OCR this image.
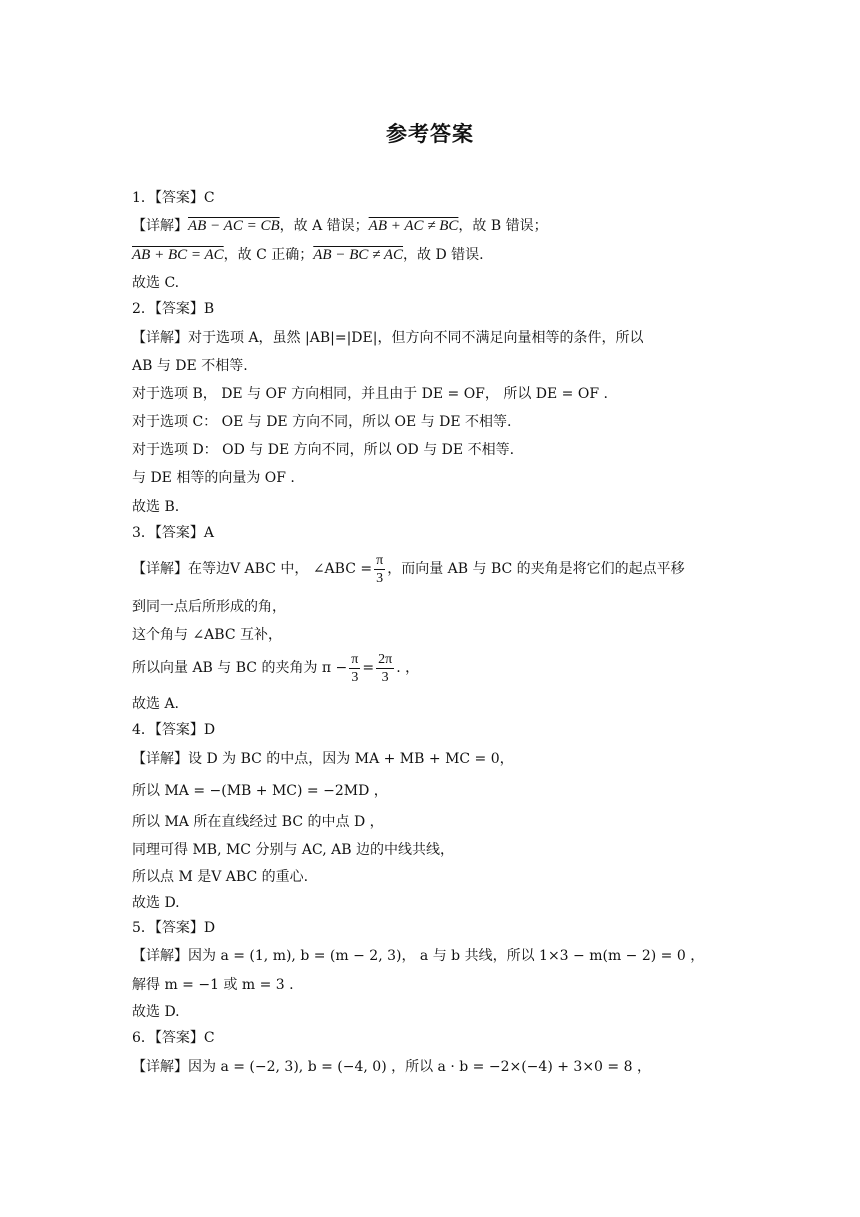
参考答案
1．【答案】C
【详解】AB − AC = CB，故 A 错误；AB + AC ≠ BC，故 B 错误；
AB + BC = AC，故 C 正确；AB − BC ≠ AC，故 D 错误.
故选 C.
2．【答案】B
【详解】对于选项 A，虽然 |AB|=|DE|，但方向不同不满足向量相等的条件，所以
AB 与 DE 不相等.
对于选项 B， DE 与 OF 方向相同，并且由于 DE = OF， 所以 DE = OF .
对于选项 C： OE 与 DE 方向不同，所以 OE 与 DE 不相等.
对于选项 D： OD 与 DE 方向不同，所以 OD 与 DE 不相等.
与 DE 相等的向量为 OF .
故选 B.
3．【答案】A
【详解】在等边V ABC 中， ∠ABC = $\frac{\pi}{3}$ ，而向量 AB 与 BC 的夹角是将它们的起点平移
到同一点后所形成的角，
这个角与 ∠ABC 互补，
所以向量 AB 与 BC 的夹角为 $\pi - \frac{\pi}{3} = \frac{2\pi}{3}$ . ，
故选 A.
4．【答案】D
【详解】设 D 为 BC 的中点，因为 MA + MB + MC = 0，
所以 MA = −(MB + MC) = −2MD ，
所以 MA 所在直线经过 BC 的中点 D ，
同理可得 MB, MC 分别与 AC, AB 边的中线共线，
所以点 M 是V ABC 的重心.
故选 D.
5．【答案】D
【详解】因为 a = (1, m), b = (m − 2, 3)， a 与 b 共线，所以 1×3 − m(m − 2) = 0 ，
解得 m = −1 或 m = 3 .
故选 D.
6．【答案】C
【详解】因为 a = (−2, 3), b = (−4, 0) ，所以 a · b = −2×(−4) + 3×0 = 8 ，
